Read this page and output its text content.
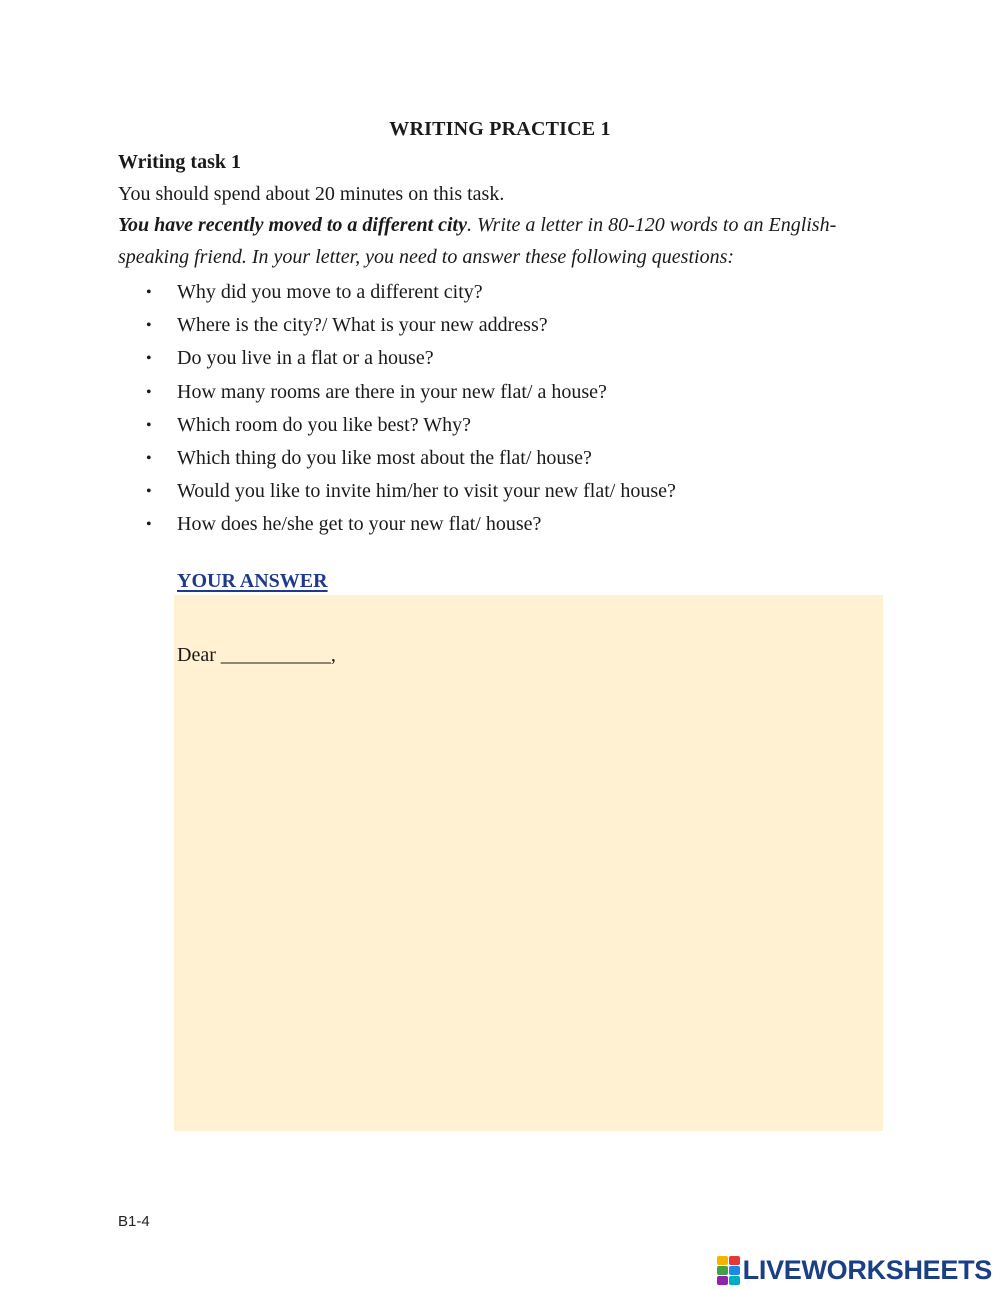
WRITING PRACTICE 1
Writing task 1
You should spend about 20 minutes on this task.
You have recently moved to a different city. Write a letter in 80-120 words to an English-
speaking friend. In your letter, you need to answer these following questions:
• Why did you move to a different city?
• Where is the city?/ What is your new address?
• Do you live in a flat or a house?
• How many rooms are there in your new flat/ a house?
• Which room do you like best? Why?
• Which thing do you like most about the flat/ house?
• Would you like to invite him/her to visit your new flat/ house?
• How does he/she get to your new flat/ house?
YOUR ANSWER
Dear ___________,
B1-4
LIVEWORKSHEETS
